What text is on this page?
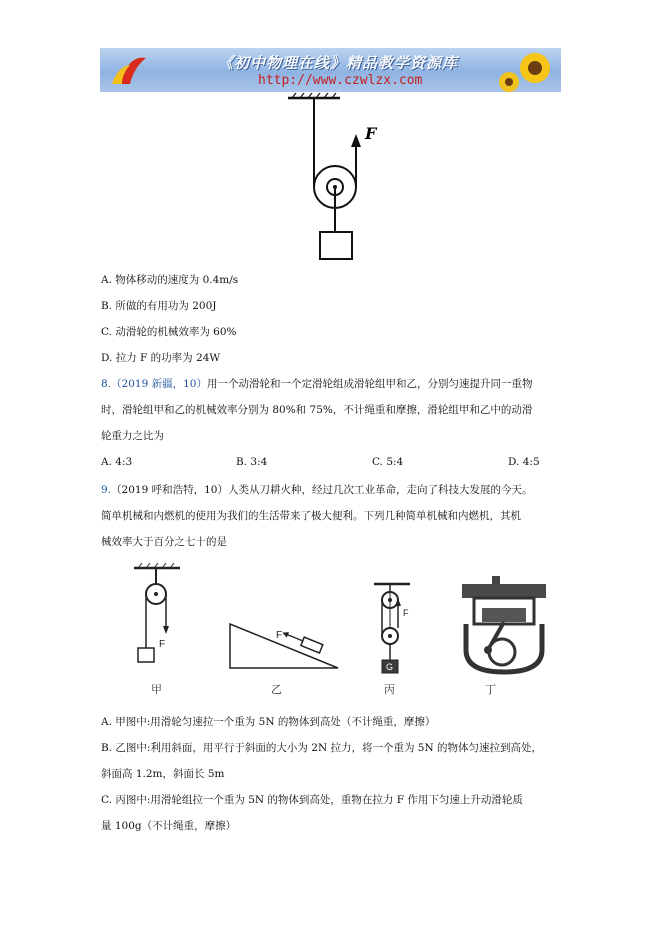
《初中物理在线》精品教学资源库
http://www.czwlzx.com
F
A. 物体移动的速度为 0.4m/s
B. 所做的有用功为 200J
C. 动滑轮的机械效率为 60%
D. 拉力 F 的功率为 24W
8.（2019 新疆，10）用一个动滑轮和一个定滑轮组成滑轮组甲和乙，分别匀速提升同一重物
时，滑轮组甲和乙的机械效率分别为 80%和 75%，不计绳重和摩擦，滑轮组甲和乙中的动滑
轮重力之比为
A. 4:3	B. 3:4	C. 5:4	D. 4:5
9.（2019 呼和浩特，10）人类从刀耕火种，经过几次工业革命，走向了科技大发展的今天。
简单机械和内燃机的使用为我们的生活带来了极大便利。下列几种简单机械和内燃机，其机
械效率大于百分之七十的是
F
甲
F
乙
G
F
丙	丁
A. 甲图中:用滑轮匀速拉一个重为 5N 的物体到高处（不计绳重，摩擦）
B. 乙图中:利用斜面，用平行于斜面的大小为 2N 拉力，将一个重为 5N 的物体匀速拉到高处，
斜面高 1.2m，斜面长 5m
C. 丙图中:用滑轮组拉一个重为 5N 的物体到高处，重物在拉力 F 作用下匀速上升动滑轮质
量 100g（不计绳重，摩擦）
